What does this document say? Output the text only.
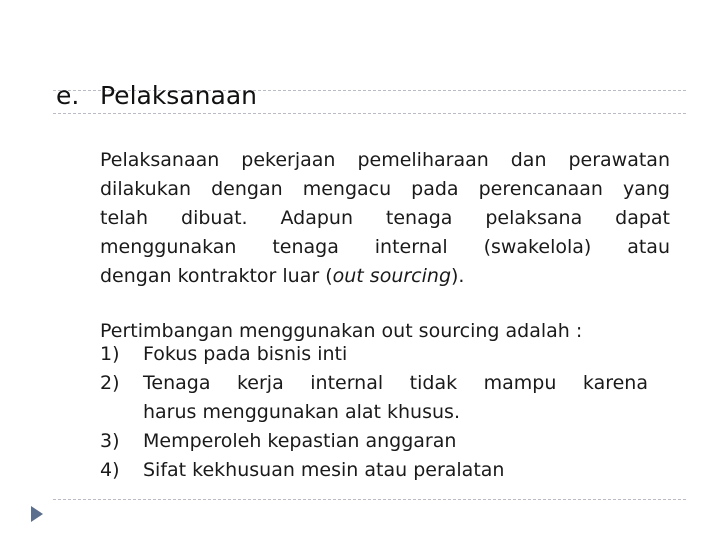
e. Pelaksanaan
Pelaksanaan pekerjaan pemeliharaan dan perawatan
dilakukan dengan mengacu pada perencanaan yang
telah dibuat. Adapun tenaga pelaksana dapat
menggunakan tenaga internal (swakelola) atau
dengan kontraktor luar (out sourcing).
Pertimbangan menggunakan out sourcing adalah :
1) Fokus pada bisnis inti
2) Tenaga kerja internal tidak mampu karena
harus menggunakan alat khusus.
3) Memperoleh kepastian anggaran
4) Sifat kekhusuan mesin atau peralatan
